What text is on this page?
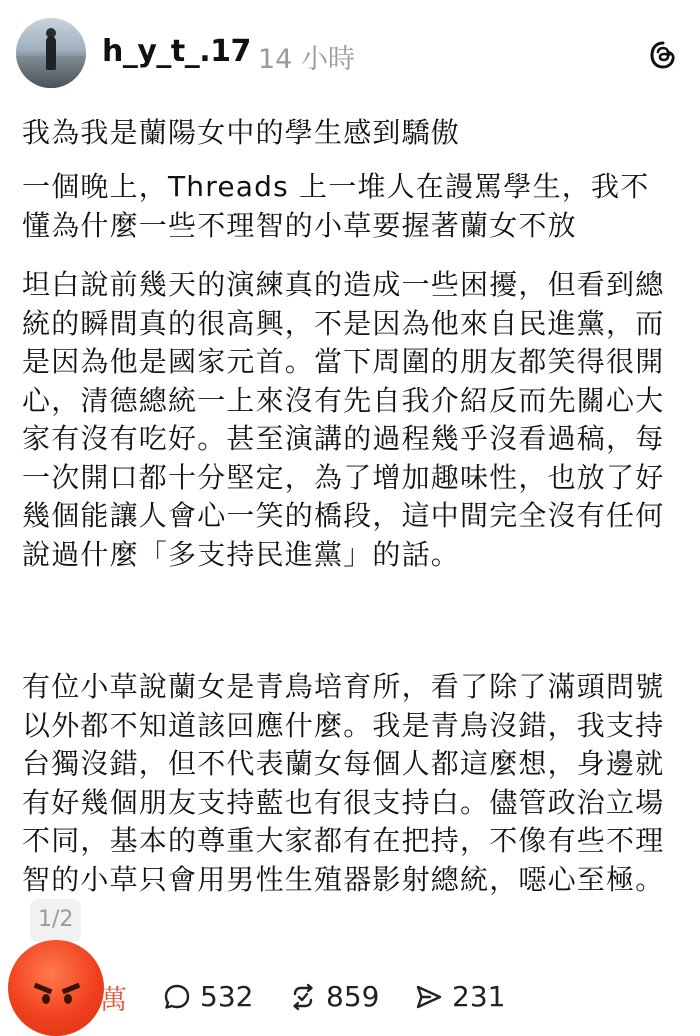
h_y_t_.17 14 小時

我為我是蘭陽女中的學生感到驕傲

一個晚上，Threads 上一堆人在謾罵學生，我不懂為什麼一些不理智的小草要握著蘭女不放

坦白說前幾天的演練真的造成一些困擾，但看到總統的瞬間真的很高興，不是因為他來自民進黨，而是因為他是國家元首。當下周圍的朋友都笑得很開心，清德總統一上來沒有先自我介紹反而先關心大家有沒有吃好。甚至演講的過程幾乎沒看過稿，每一次開口都十分堅定，為了增加趣味性，也放了好幾個能讓人會心一笑的橋段，這中間完全沒有任何說過什麼「多支持民進黨」的話。

有位小草說蘭女是青鳥培育所，看了除了滿頭問號以外都不知道該回應什麼。我是青鳥沒錯，我支持台獨沒錯，但不代表蘭女每個人都這麼想，身邊就有好幾個朋友支持藍也有很支持白。儘管政治立場不同，基本的尊重大家都有在把持，不像有些不理智的小草只會用男性生殖器影射總統，噁心至極。1/2

萬	532	859	231
